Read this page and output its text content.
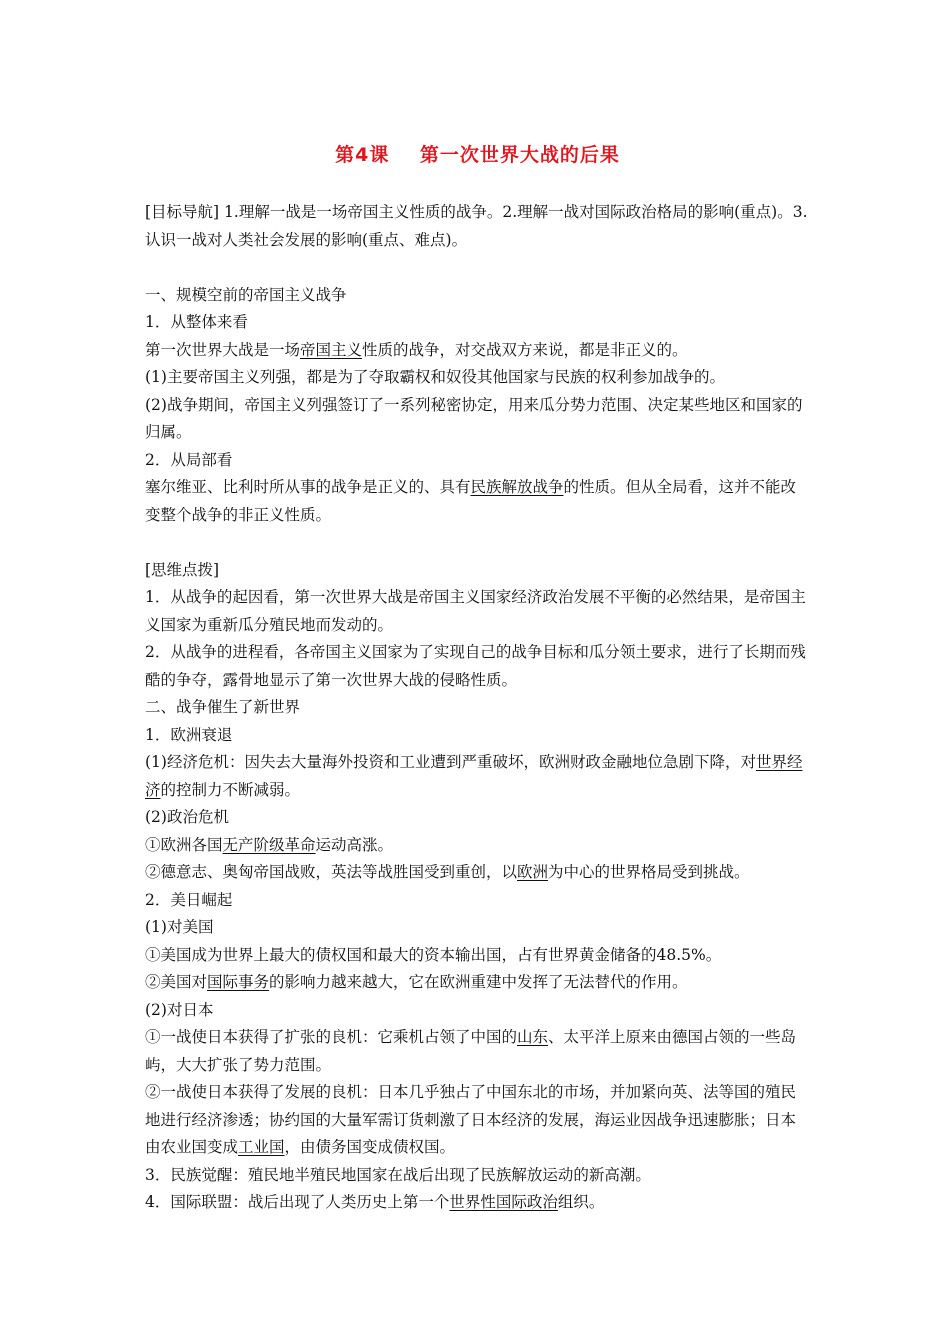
第4课 第一次世界大战的后果

[目标导航] 1.理解一战是一场帝国主义性质的战争。2.理解一战对国际政治格局的影响(重点)。3.认识一战对人类社会发展的影响(重点、难点)。

一、规模空前的帝国主义战争

1．从整体来看

第一次世界大战是一场帝国主义性质的战争，对交战双方来说，都是非正义的。

(1)主要帝国主义列强，都是为了夺取霸权和奴役其他国家与民族的权利参加战争的。

(2)战争期间，帝国主义列强签订了一系列秘密协定，用来瓜分势力范围、决定某些地区和国家的归属。

2．从局部看

塞尔维亚、比利时所从事的战争是正义的、具有民族解放战争的性质。但从全局看，这并不能改变整个战争的非正义性质。

[思维点拨]

1．从战争的起因看，第一次世界大战是帝国主义国家经济政治发展不平衡的必然结果，是帝国主义国家为重新瓜分殖民地而发动的。

2．从战争的进程看，各帝国主义国家为了实现自己的战争目标和瓜分领土要求，进行了长期而残酷的争夺，露骨地显示了第一次世界大战的侵略性质。

二、战争催生了新世界

1．欧洲衰退

(1)经济危机：因失去大量海外投资和工业遭到严重破坏，欧洲财政金融地位急剧下降，对世界经济的控制力不断减弱。

(2)政治危机

①欧洲各国无产阶级革命运动高涨。

②德意志、奥匈帝国战败，英法等战胜国受到重创，以欧洲为中心的世界格局受到挑战。

2．美日崛起

(1)对美国

①美国成为世界上最大的债权国和最大的资本输出国，占有世界黄金储备的48.5%。

②美国对国际事务的影响力越来越大，它在欧洲重建中发挥了无法替代的作用。

(2)对日本

①一战使日本获得了扩张的良机：它乘机占领了中国的山东、太平洋上原来由德国占领的一些岛屿，大大扩张了势力范围。

②一战使日本获得了发展的良机：日本几乎独占了中国东北的市场，并加紧向英、法等国的殖民地进行经济渗透；协约国的大量军需订货刺激了日本经济的发展，海运业因战争迅速膨胀；日本由农业国变成工业国，由债务国变成债权国。

3．民族觉醒：殖民地半殖民地国家在战后出现了民族解放运动的新高潮。

4．国际联盟：战后出现了人类历史上第一个世界性国际政治组织。
